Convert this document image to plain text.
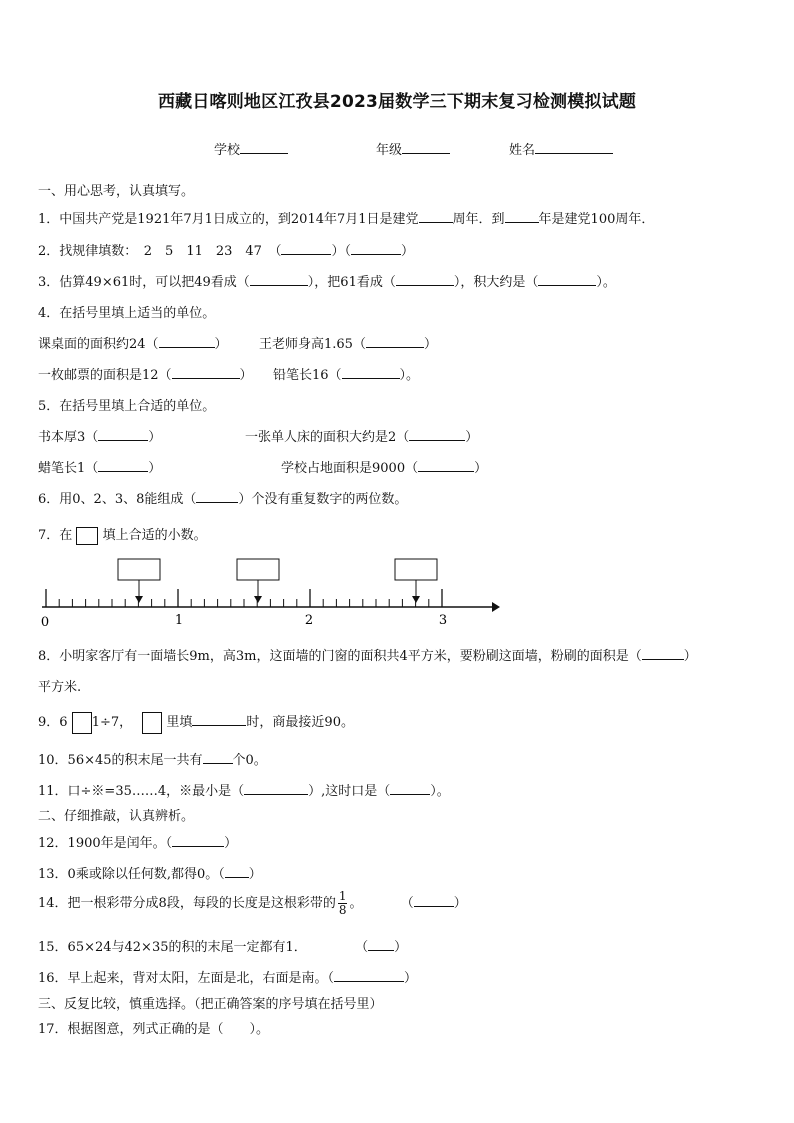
西藏日喀则地区江孜县2023届数学三下期末复习检测模拟试题
学校	年级	姓名
一、用心思考，认真填写。
1．中国共产党是1921年7月1日成立的，到2014年7月1日是建党	周年．到	年是建党100周年．
2．找规律填数：　2　5　11　23　47　（	）（	）
3．估算49×61时，可以把49看成（	），把61看成（	），积大约是（	）。
4．在括号里填上适当的单位。
课桌面的面积约24（	） 王老师身高1.65（	）
一枚邮票的面积是12（	） 铅笔长16（	）。
5．在括号里填上合适的单位。
书本厚3（	）	一张单人床的面积大约是2（	）
蜡笔长1（	）	学校占地面积是9000（	）
6．用0、2、3、8能组成（	）个没有重复数字的两位数。
7．在 填上合适的小数。
0	1	2	3
8．小明家客厅有一面墙长9m，高3m，这面墙的门窗的面积共4平方米，要粉刷这面墙，粉刷的面积是（	）
平方米.
9．6 1÷7，	里填	时，商最接近90。
10．56×45的积末尾一共有 个0。
11．口÷※=35……4，※最小是（	）,这时口是（	）。
二、仔细推敲，认真辨析。
12．1900年是闰年。（	）
13．0乘或除以任何数,都得0。（ ）
14．把一根彩带分成8段，每段的长度是这根彩带的 $\frac{1}{8}$ 。	（	）
15．65×24与42×35的积的末尾一定都有1．	（ ）
16．早上起来，背对太阳，左面是北，右面是南。（	）
三、反复比较，慎重选择。（把正确答案的序号填在括号里）
17．根据图意，列式正确的是（　　）。
